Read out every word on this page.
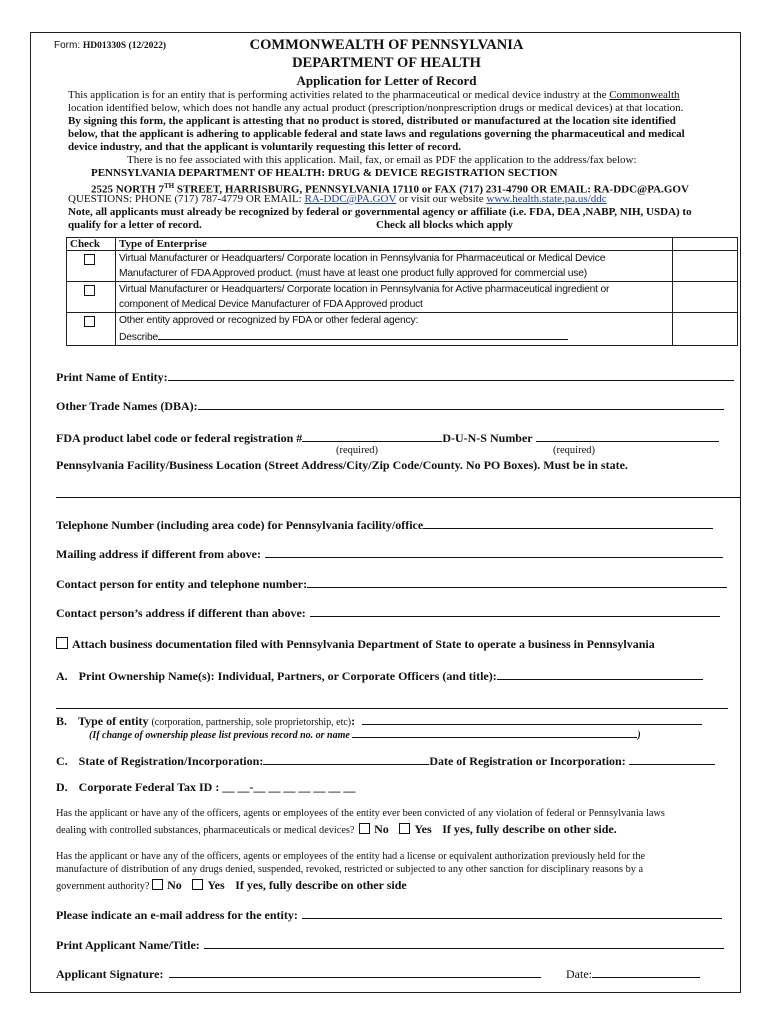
Form: HD01330S (12/2022)	COMMONWEALTH OF PENNSYLVANIA
DEPARTMENT OF HEALTH
Application for Letter of Record
This application is for an entity that is performing activities related to the pharmaceutical or medical device industry at the Commonwealth
location identified below, which does not handle any actual product (prescription/nonprescription drugs or medical devices) at that location.
By signing this form, the applicant is attesting that no product is stored, distributed or manufactured at the location site identified
below, that the applicant is adhering to applicable federal and state laws and regulations governing the pharmaceutical and medical
device industry, and that the applicant is voluntarily requesting this letter of record.
There is no fee associated with this application. Mail, fax, or email as PDF the application to the address/fax below:
PENNSYLVANIA DEPARTMENT OF HEALTH: DRUG & DEVICE REGISTRATION SECTION
2525 NORTH 7TH STREET, HARRISBURG, PENNSYLVANIA 17110 or FAX (717) 231-4790 OR EMAIL: RA-DDC@PA.GOV
QUESTIONS: PHONE (717) 787-4779 OR EMAIL: RA-DDC@PA.GOV or visit our website www.health.state.pa.us/ddc
Note, all applicants must already be recognized by federal or governmental agency or affiliate (i.e. FDA, DEA ,NABP, NIH, USDA) to
qualify for a letter of record.	Check all blocks which apply
Check	Type of Enterprise	

	Virtual Manufacturer or Headquarters/ Corporate location in Pennsylvania for Pharmaceutical or Medical Device
Manufacturer of FDA Approved product. (must have at least one product fully approved for commercial use)	

	Virtual Manufacturer or Headquarters/ Corporate location in Pennsylvania for Active pharmaceutical ingredient or
component of Medical Device Manufacturer of FDA Approved product	

	Other entity approved or recognized by FDA or other federal agency:
Describe	

Print Name of Entity:
Other Trade Names (DBA):
FDA product label code or federal registration #	D-U-N-S Number
(required)	(required)
Pennsylvania Facility/Business Location (Street Address/City/Zip Code/County. No PO Boxes). Must be in state.
Telephone Number (including area code) for Pennsylvania facility/office
Mailing address if different from above:
Contact person for entity and telephone number:
Contact person’s address if different than above:
Attach business documentation filed with Pennsylvania Department of State to operate a business in Pennsylvania
A. Print Ownership Name(s): Individual, Partners, or Corporate Officers (and title):
B. Type of entity (corporation, partnership, sole proprietorship, etc):
(If change of ownership please list previous record no. or name	)
C. State of Registration/Incorporation:	Date of Registration or Incorporation:
D. Corporate Federal Tax ID : __ __-__ __ __ __ __ __ __
Has the applicant or have any of the officers, agents or employees of the entity ever been convicted of any violation of federal or Pennsylvania laws
dealing with controlled substances, pharmaceuticals or medical devices? No Yes If yes, fully describe on other side.
Has the applicant or have any of the officers, agents or employees of the entity had a license or equivalent authorization previously held for the
manufacture of distribution of any drugs denied, suspended, revoked, restricted or subjected to any other sanction for disciplinary reasons by a
government authority? No Yes If yes, fully describe on other side
Please indicate an e-mail address for the entity:
Print Applicant Name/Title:
Applicant Signature:	Date:
